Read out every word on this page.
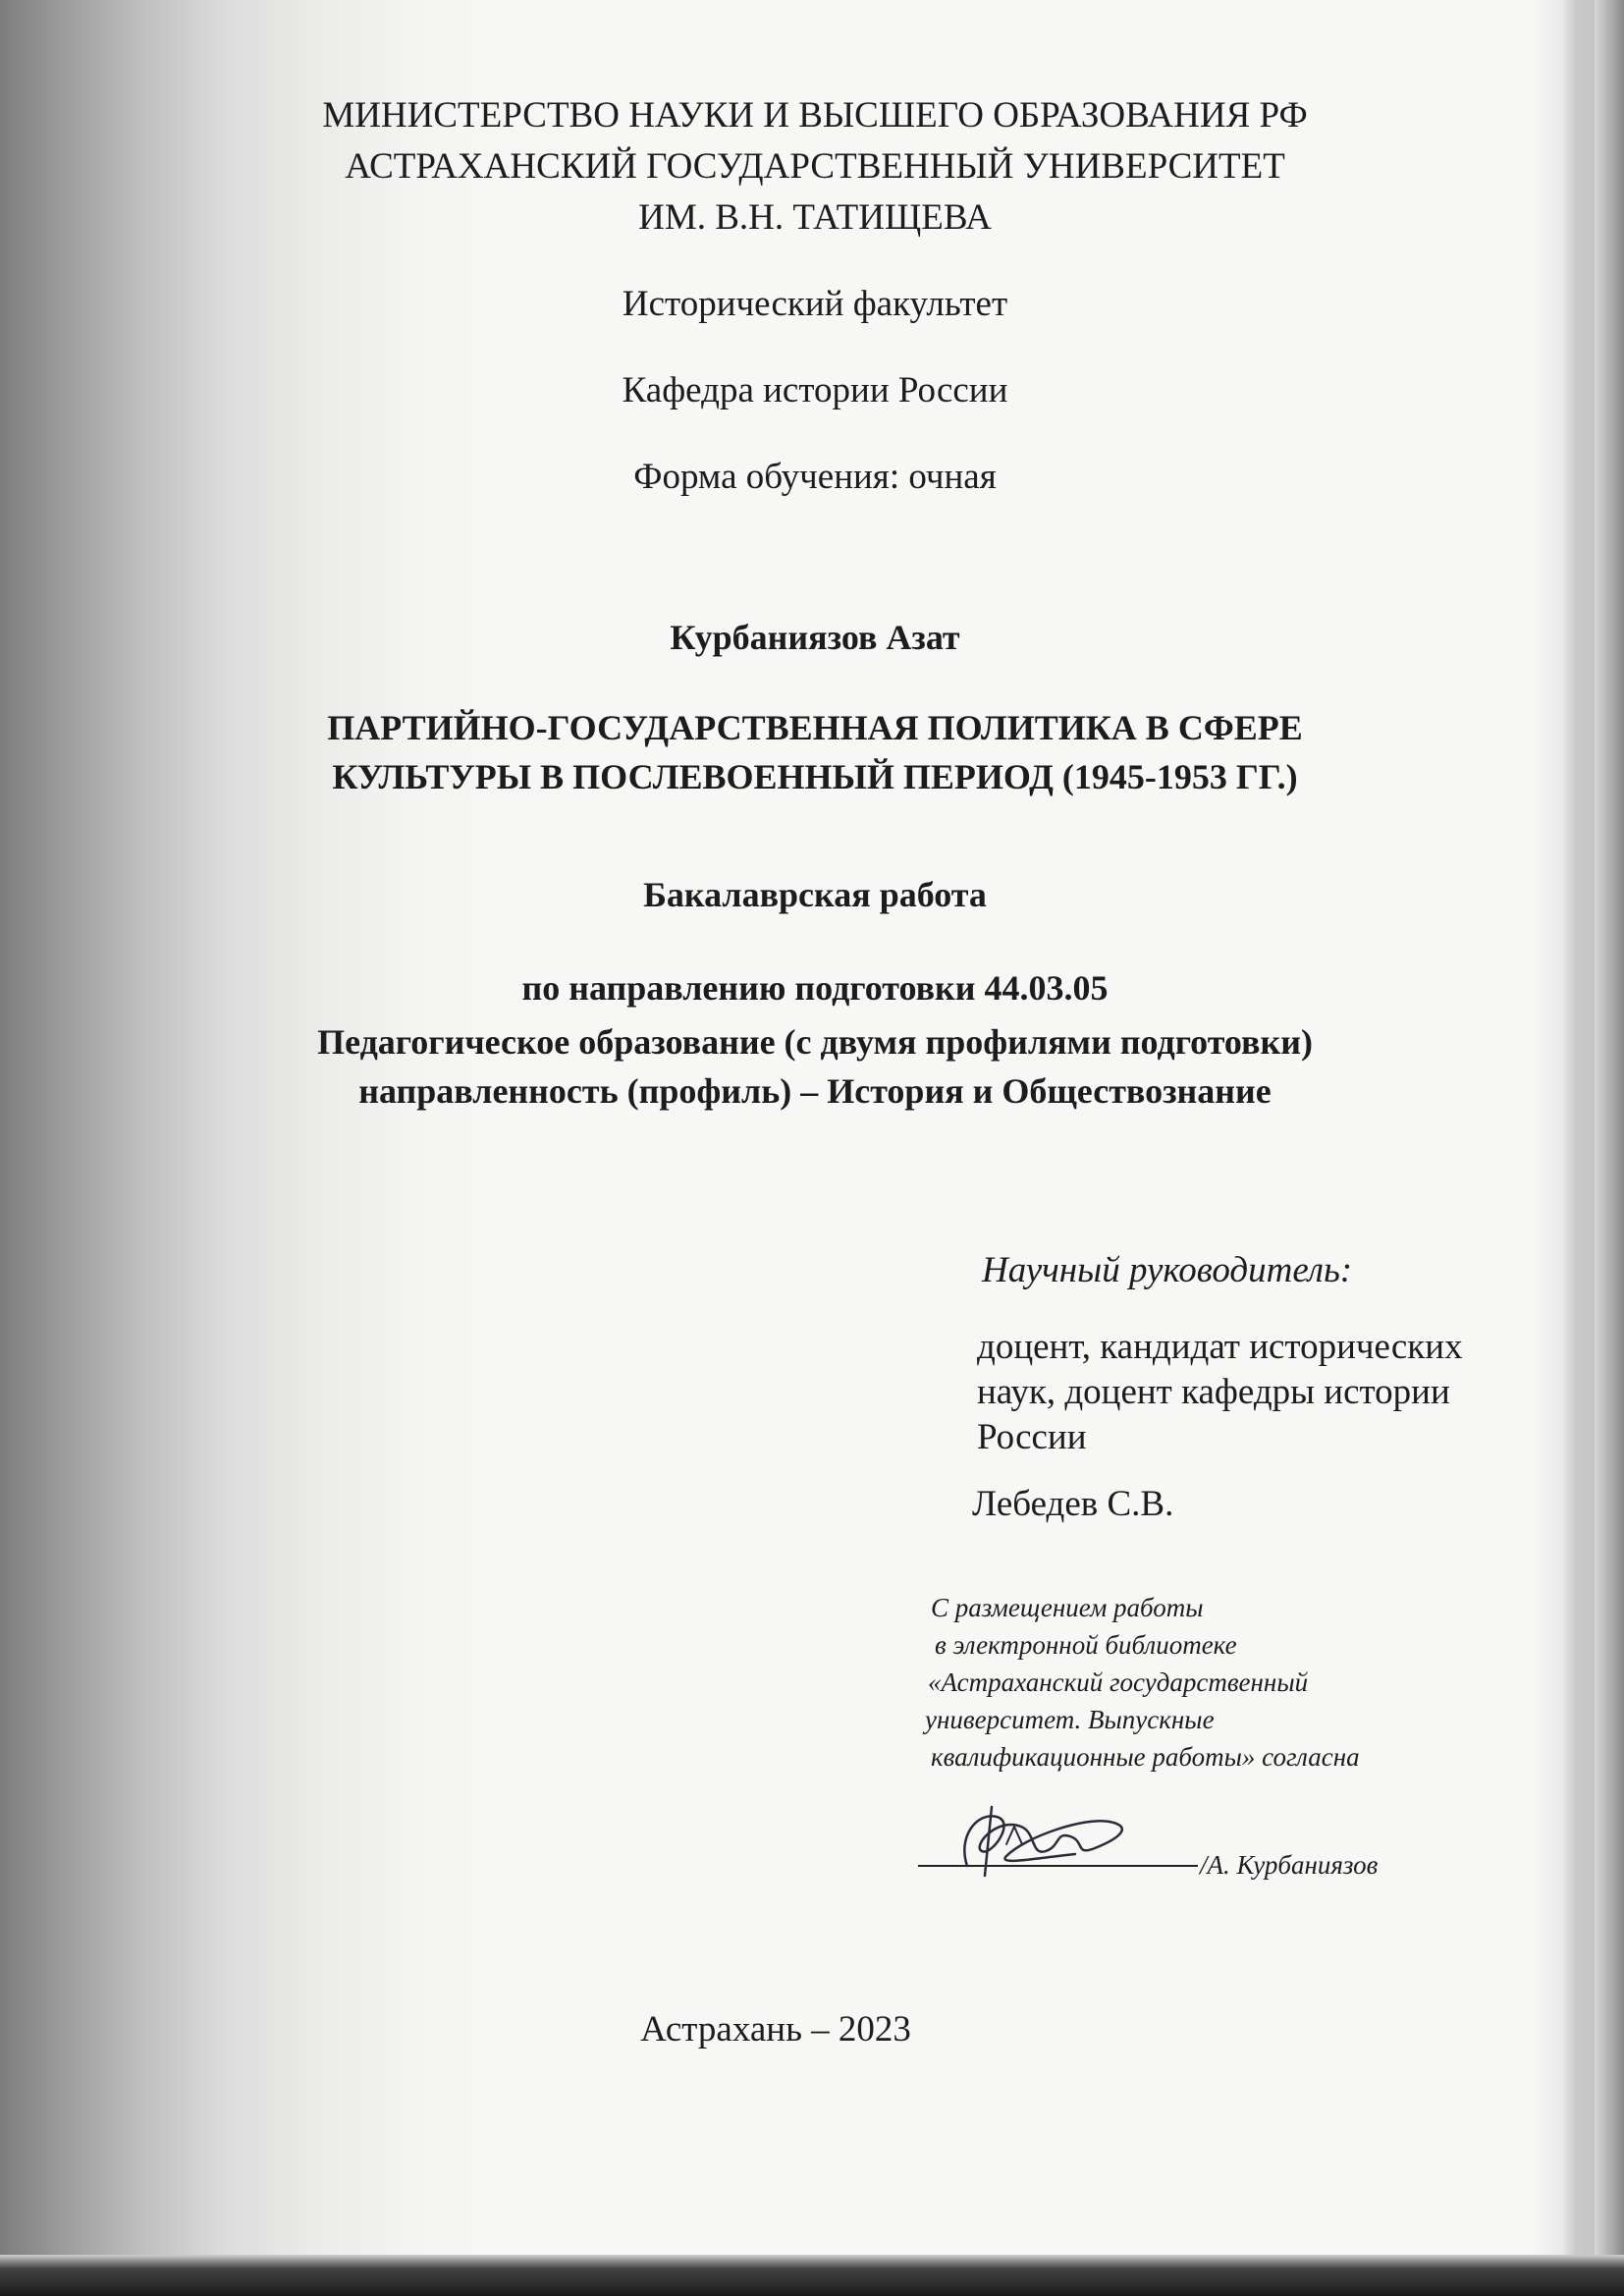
МИНИСТЕРСТВО НАУКИ И ВЫСШЕГО ОБРАЗОВАНИЯ РФ
АСТРАХАНСКИЙ ГОСУДАРСТВЕННЫЙ УНИВЕРСИТЕТ
ИМ. В.Н. ТАТИЩЕВА
Исторический факультет
Кафедра истории России
Форма обучения: очная
Курбаниязов Азат
ПАРТИЙНО-ГОСУДАРСТВЕННАЯ ПОЛИТИКА В СФЕРЕ
КУЛЬТУРЫ В ПОСЛЕВОЕННЫЙ ПЕРИОД (1945-1953 ГГ.)
Бакалаврская работа
по направлению подготовки 44.03.05
Педагогическое образование (с двумя профилями подготовки)
направленность (профиль) – История и Обществознание
Научный руководитель:
доцент, кандидат исторических
наук, доцент кафедры истории
России
Лебедев С.В.
С размещением работы
в электронной библиотеке
«Астраханский государственный
университет. Выпускные
квалификационные работы» согласна
/А. Курбаниязов
Астрахань – 2023
